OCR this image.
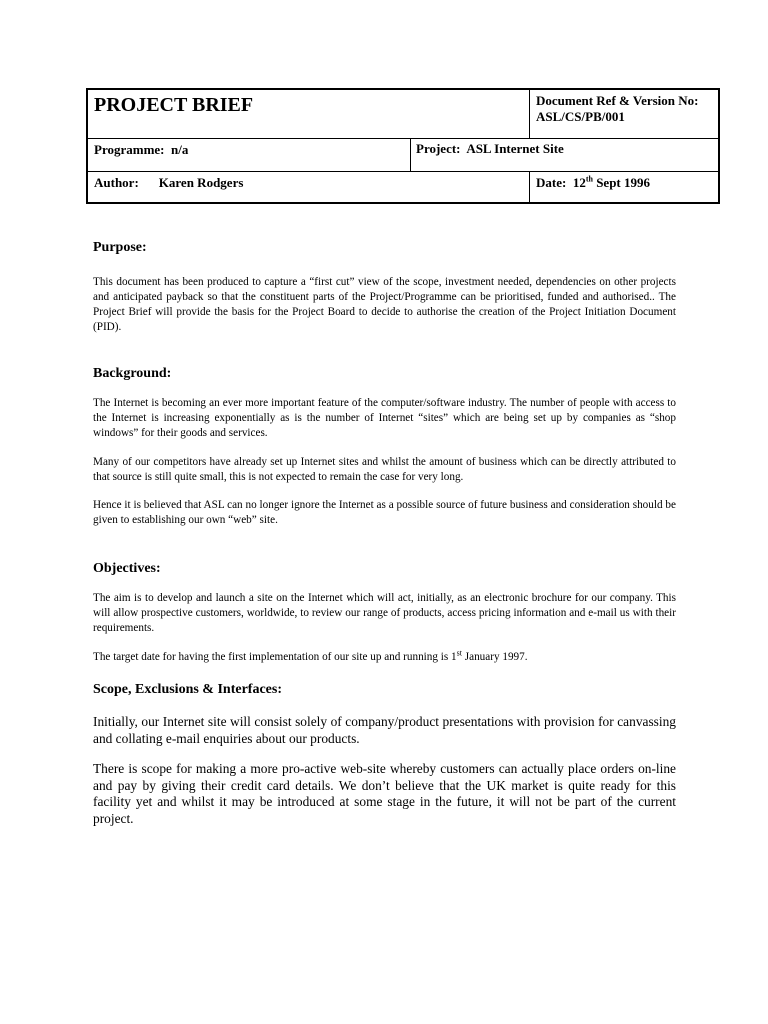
PROJECT BRIEF	Document Ref & Version No:
ASL/CS/PB/001
Programme: n/a	Project: ASL Internet Site
Author: Karen Rodgers	Date: 12th Sept 1996
Purpose:

This document has been produced to capture a “first cut” view of the scope, investment needed, dependencies on other projects and anticipated payback so that the constituent parts of the Project/Programme can be prioritised, funded and authorised.. The Project Brief will provide the basis for the Project Board to decide to authorise the creation of the Project Initiation Document (PID).

Background:

The Internet is becoming an ever more important feature of the computer/software industry. The number of people with access to the Internet is increasing exponentially as is the number of Internet “sites” which are being set up by companies as “shop windows” for their goods and services.

Many of our competitors have already set up Internet sites and whilst the amount of business which can be directly attributed to that source is still quite small, this is not expected to remain the case for very long.

Hence it is believed that ASL can no longer ignore the Internet as a possible source of future business and consideration should be given to establishing our own “web” site.

Objectives:

The aim is to develop and launch a site on the Internet which will act, initially, as an electronic brochure for our company. This will allow prospective customers, worldwide, to review our range of products, access pricing information and e-mail us with their requirements.

The target date for having the first implementation of our site up and running is 1st January 1997.

Scope, Exclusions & Interfaces:

Initially, our Internet site will consist solely of company/product presentations with provision for canvassing and collating e-mail enquiries about our products.

There is scope for making a more pro-active web-site whereby customers can actually place orders on-line and pay by giving their credit card details. We don’t believe that the UK market is quite ready for this facility yet and whilst it may be introduced at some stage in the future, it will not be part of the current project.
